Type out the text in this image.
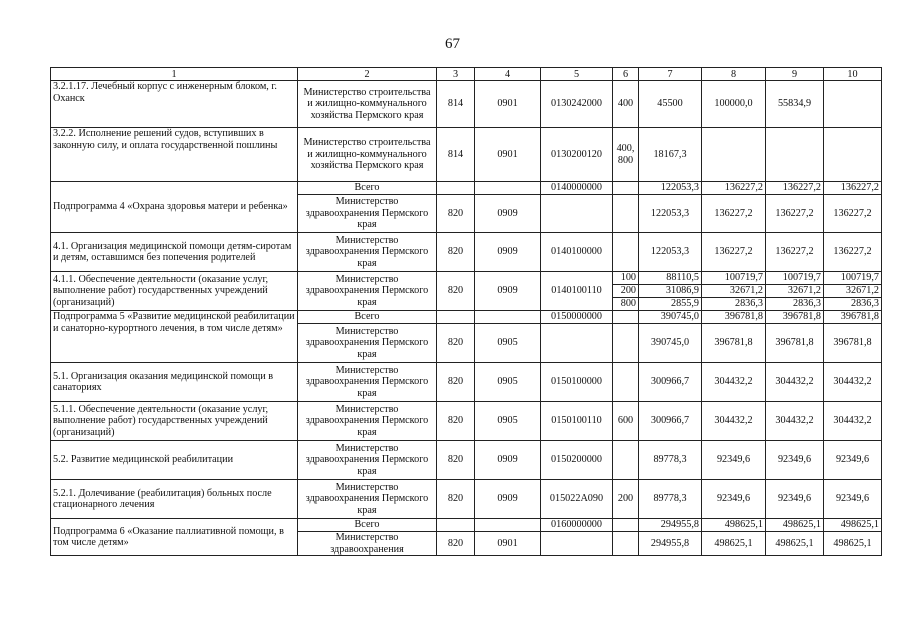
67
1	2	3	4	5	6	7	8	9	10
3.2.1.17. Лечебный корпус с инженерным блоком, г. Оханск	Министерство строительства и жилищно-коммунального хозяйства Пермского края	814	0901	0130242000	400	45500	100000,0	55834,9	
3.2.2. Исполнение решений судов, вступивших в законную силу, и оплата государственной пошлины	Министерство строительства и жилищно-коммунального хозяйства Пермского края	814	0901	0130200120	400, 800	18167,3			
Подпрограмма 4 «Охрана здоровья матери и ребенка»	Всего			0140000000		122053,3	136227,2	136227,2	136227,2
	Министерство здравоохранения Пермского края	820	0909			122053,3	136227,2	136227,2	136227,2
4.1. Организация медицинской помощи детям-сиротам и детям, оставшимся без попечения родителей	Министерство здравоохранения Пермского края	820	0909	0140100000		122053,3	136227,2	136227,2	136227,2
4.1.1. Обеспечение деятельности (оказание услуг, выполнение работ) государственных учреждений (организаций)	Министерство здравоохранения Пермского края	820	0909	0140100110	100	88110,5	100719,7	100719,7	100719,7
					200	31086,9	32671,2	32671,2	32671,2
					800	2855,9	2836,3	2836,3	2836,3
Подпрограмма 5 «Развитие медицинской реабилитации и санаторно-курортного лечения, в том числе детям»	Всего			0150000000		390745,0	396781,8	396781,8	396781,8
	Министерство здравоохранения Пермского края	820	0905			390745,0	396781,8	396781,8	396781,8
5.1. Организация оказания медицинской помощи в санаториях	Министерство здравоохранения Пермского края	820	0905	0150100000		300966,7	304432,2	304432,2	304432,2
5.1.1. Обеспечение деятельности (оказание услуг, выполнение работ) государственных учреждений (организаций)	Министерство здравоохранения Пермского края	820	0905	0150100110	600	300966,7	304432,2	304432,2	304432,2
5.2. Развитие медицинской реабилитации	Министерство здравоохранения Пермского края	820	0909	0150200000		89778,3	92349,6	92349,6	92349,6
5.2.1. Долечивание (реабилитация) больных после стационарного лечения	Министерство здравоохранения Пермского края	820	0909	015022А090	200	89778,3	92349,6	92349,6	92349,6
Подпрограмма 6 «Оказание паллиативной помощи, в том числе детям»	Всего			0160000000		294955,8	498625,1	498625,1	498625,1
	Министерство здравоохранения	820	0901			294955,8	498625,1	498625,1	498625,1
